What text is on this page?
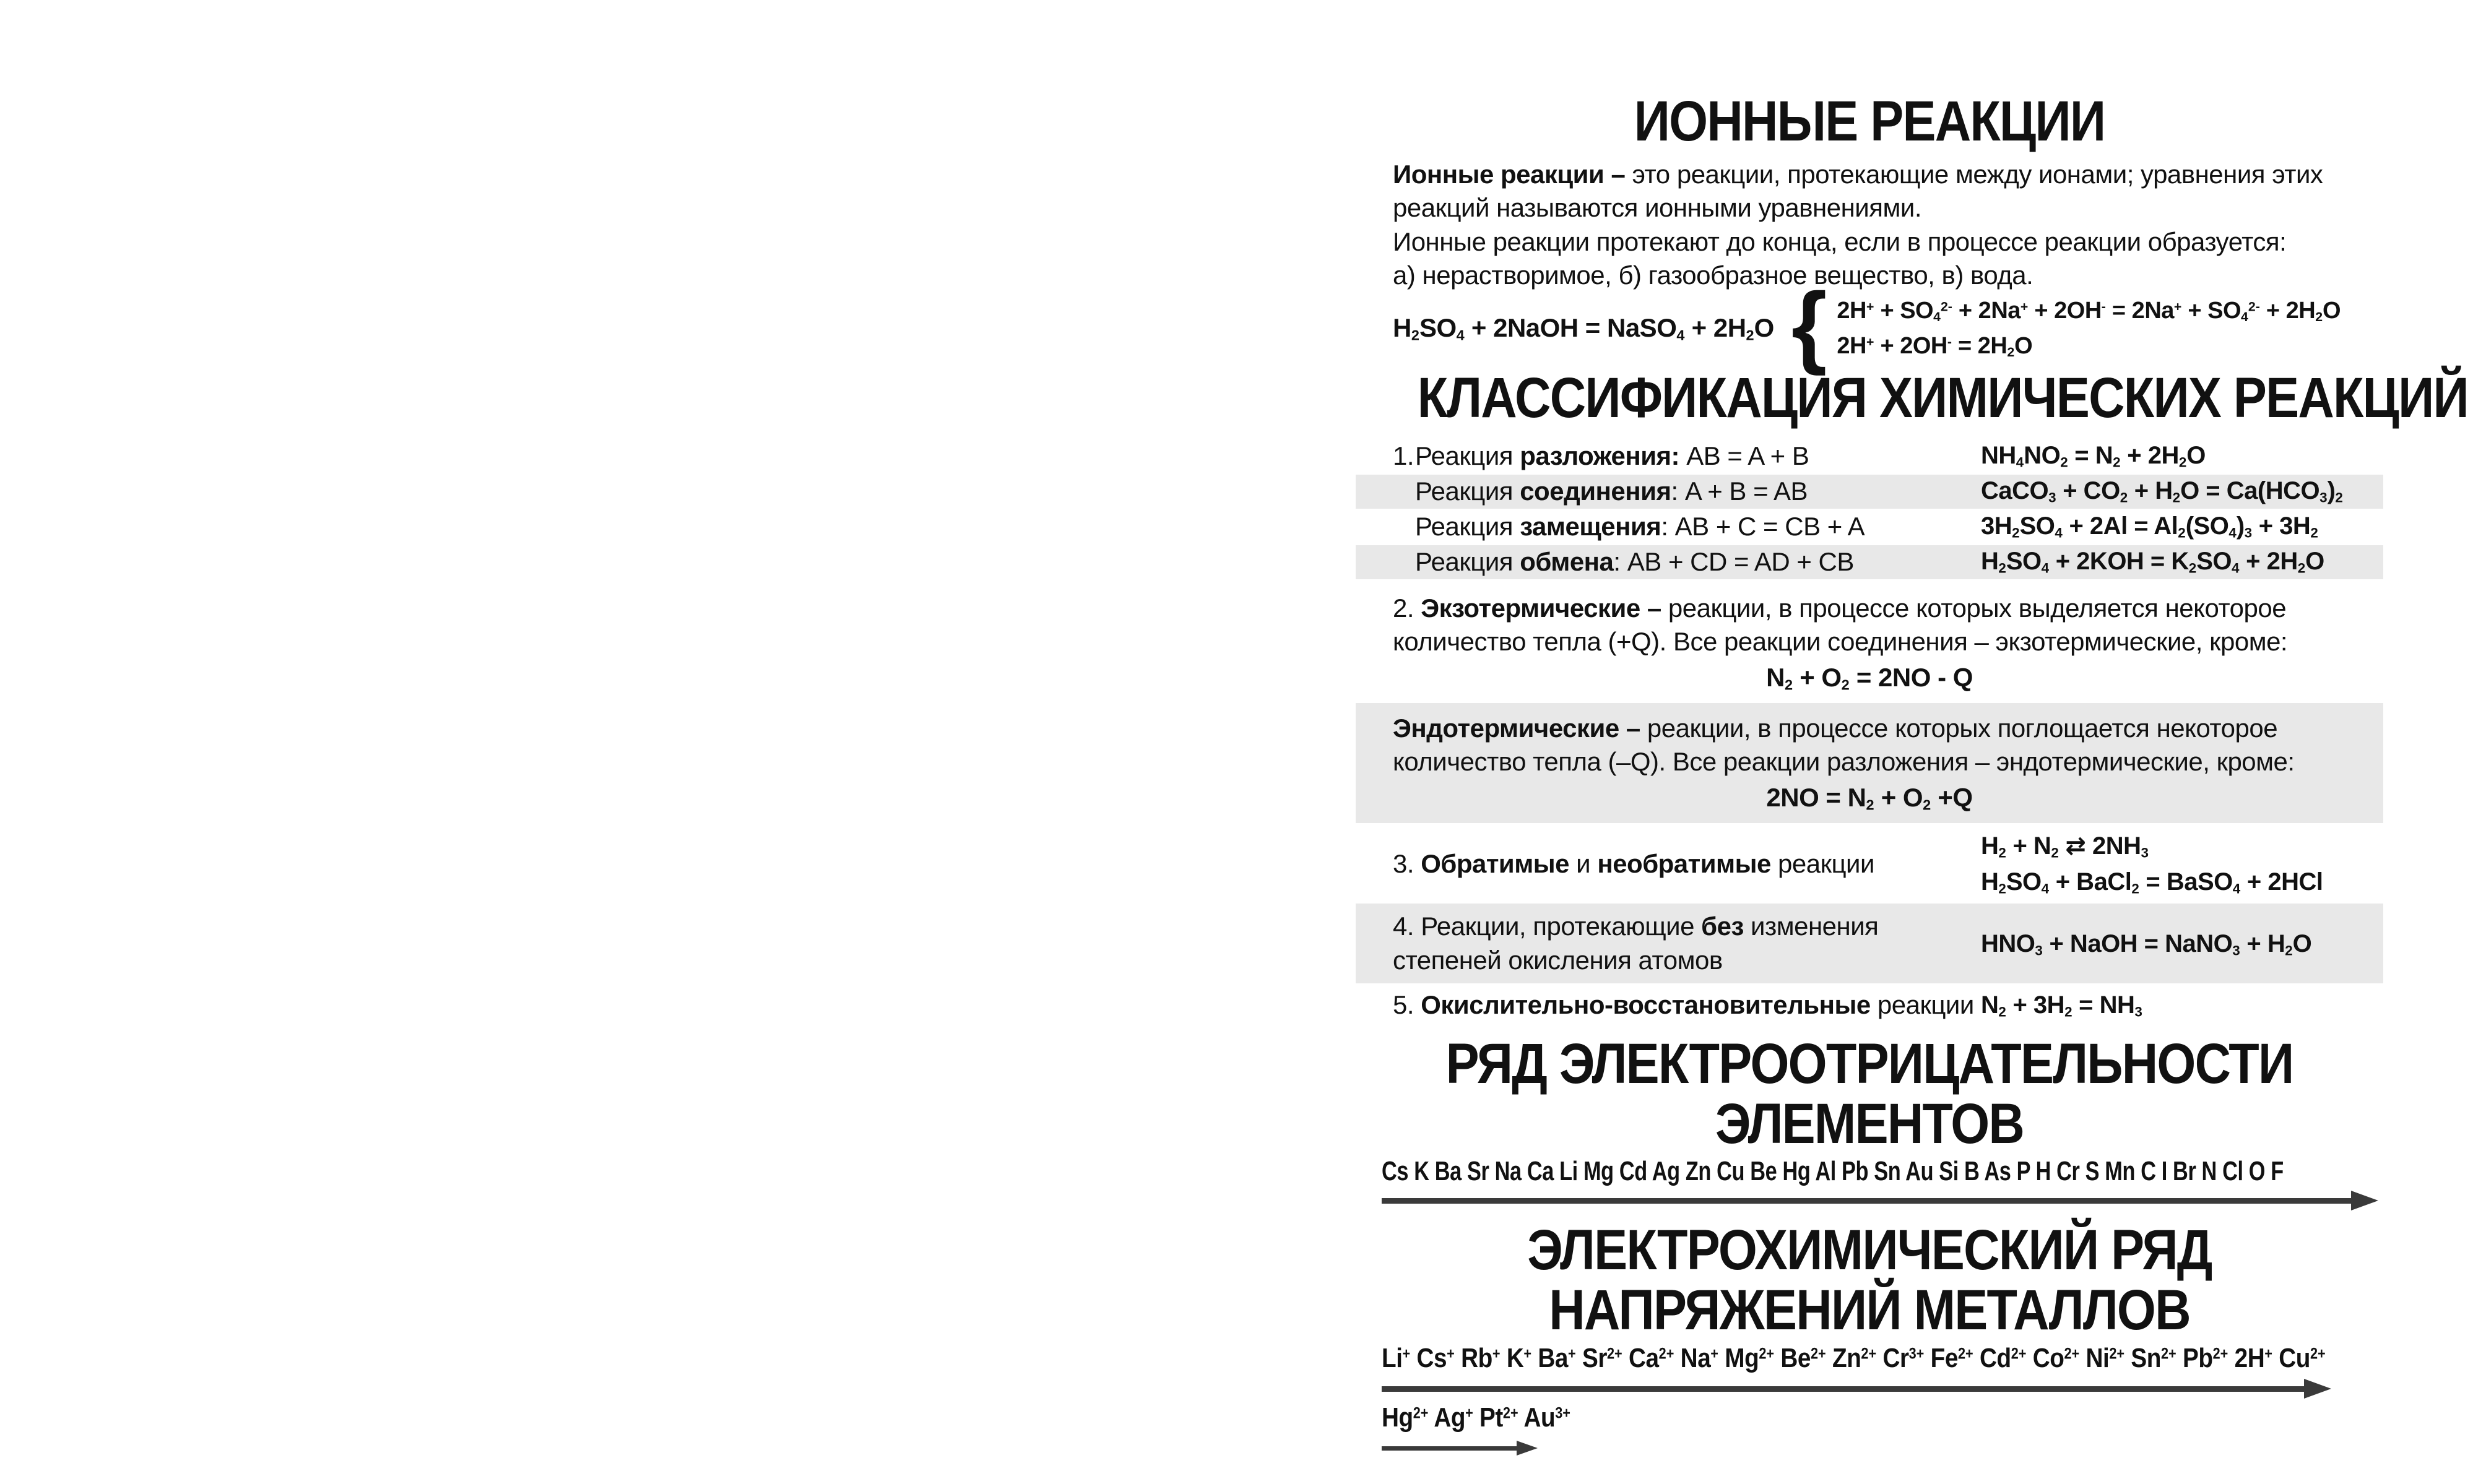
ИОННЫЕ РЕАКЦИИ
Ионные реакции – это реакции, протекающие между ионами; уравнения этих
реакций называются ионными уравнениями.
Ионные реакции протекают до конца, если в процессе реакции образуется:
а) нерастворимое, б) газообразное вещество, в) вода.
$H_2SO_4$ + 2NaOH = NaSO$_4$ + $2H_2O$ { $2H^+ + SO_4^{2-} + 2Na^+ + 2OH^- = 2Na^+ + SO_4^{2-} + 2H_2O$
$2H^+ + 2OH^- = 2H_2O$
КЛАССИФИКАЦИЯ ХИМИЧЕСКИХ РЕАКЦИЙ
1. Реакция разложения: AB = A + B	$NH_4NO_2 = N_2 + 2H_2O$
Реакция соединения: A + B = AB	CaCO$_3$ + $CO_2 + H_2O = Ca(HCO_3)_2$
Реакция замещения: AB + C = CB + A	$3H_2SO_4 + 2Al = Al_2(SO_4)_3 + 3H_2$
Реакция обмена: AB + CD = AD + CB	$H_2SO_4 + 2KOH = K_2SO_4 + 2H_2O$
2. Экзотермические – реакции, в процессе которых выделяется некоторое
количество тепла (+Q). Все реакции соединения – экзотермические, кроме:
$N_2 + O_2 = 2NO - Q$
Эндотермические – реакции, в процессе которых поглощается некоторое
количество тепла (–Q). Все реакции разложения – эндотермические, кроме:
$2NO = N_2 + O_2 +Q$
3. Обратимые и необратимые реакции
$H_2 + N_2$ ⇄ $2NH_3$
$H_2SO_4$ + BaCl$_2$ = BaSO$_4$ + 2HCl
4. Реакции, протекающие без изменения
степеней окисления атомов
$HNO_3$ + NaOH = NaNO$_3$ + $H_2O$
5. Окислительно-восстановительные реакции $N_2 + 3H_2 = NH_3$
РЯД ЭЛЕКТРООТРИЦАТЕЛЬНОСТИ
ЭЛЕМЕНТОВ
Cs K Ba Sr Na Ca Li Mg Cd Ag Zn Cu Be Hg Al Pb Sn Au Si B As P H Cr S Mn C I Br N Cl O F
ЭЛЕКТРОХИМИЧЕСКИЙ РЯД
НАПРЯЖЕНИЙ МЕТАЛЛОВ
Li+ Cs+ Rb+ K+ Ba+ $Sr^{2+}$ $Ca^{2+}$ Na+ $Mg^{2+}$ $Be^{2+}$ $Zn^{2+}$ $Cr^{3+}$ $Fe^{2+}$ $Cd^{2+}$ $Co^{2+}$ $Ni^{2+}$ $Sn^{2+}$ $Pb^{2+}$ 2H+ $Cu^{2+}$
$Hg^{2+}$ Ag+ $Pt^{2+}$ $Au^{3+}$
